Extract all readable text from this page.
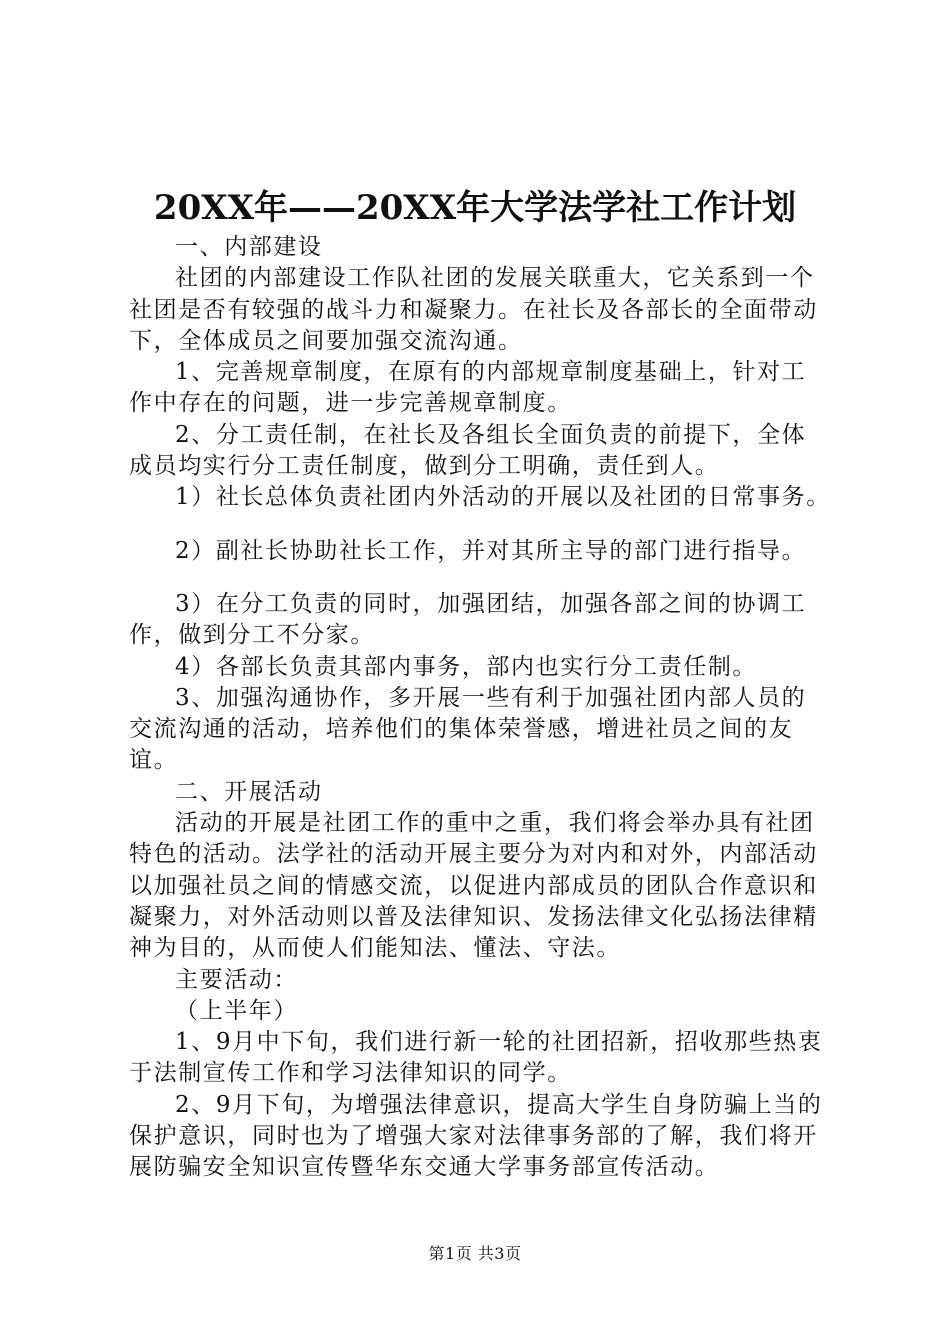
20XX年——20XX年大学法学社工作计划

一、内部建设

社团的内部建设工作队社团的发展关联重大，它关系到一个社团是否有较强的战斗力和凝聚力。在社长及各部长的全面带动下，全体成员之间要加强交流沟通。

1、完善规章制度，在原有的内部规章制度基础上，针对工作中存在的问题，进一步完善规章制度。

2、分工责任制，在社长及各组长全面负责的前提下，全体成员均实行分工责任制度，做到分工明确，责任到人。

1）社长总体负责社团内外活动的开展以及社团的日常事务。

2）副社长协助社长工作，并对其所主导的部门进行指导。

3）在分工负责的同时，加强团结，加强各部之间的协调工作，做到分工不分家。

4）各部长负责其部内事务，部内也实行分工责任制。

3、加强沟通协作，多开展一些有利于加强社团内部人员的交流沟通的活动，培养他们的集体荣誉感，增进社员之间的友谊。

二、开展活动

活动的开展是社团工作的重中之重，我们将会举办具有社团特色的活动。法学社的活动开展主要分为对内和对外，内部活动以加强社员之间的情感交流，以促进内部成员的团队合作意识和凝聚力，对外活动则以普及法律知识、发扬法律文化弘扬法律精神为目的，从而使人们能知法、懂法、守法。

主要活动：

（上半年）

1、9月中下旬，我们进行新一轮的社团招新，招收那些热衷于法制宣传工作和学习法律知识的同学。

2、9月下旬，为增强法律意识，提高大学生自身防骗上当的保护意识，同时也为了增强大家对法律事务部的了解，我们将开展防骗安全知识宣传暨华东交通大学事务部宣传活动。

第1页 共3页
